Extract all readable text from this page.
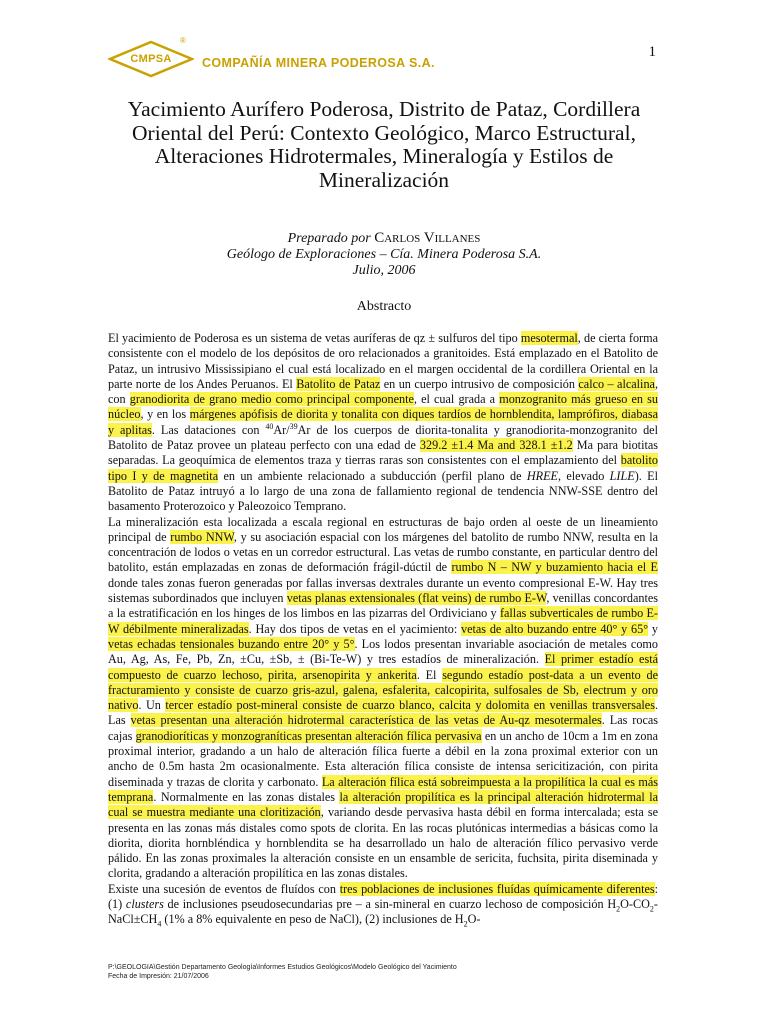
1
CMPSA
®
COMPAÑÍA MINERA PODEROSA S.A.
Yacimiento Aurífero Poderosa, Distrito de Pataz, Cordillera Oriental del Perú: Contexto Geológico, Marco Estructural, Alteraciones Hidrotermales, Mineralogía y Estilos de Mineralización
Preparado por Carlos Villanes
Geólogo de Exploraciones – Cía. Minera Poderosa S.A.
Julio, 2006
Abstracto

El yacimiento de Poderosa es un sistema de vetas auríferas de qz ± sulfuros del tipo mesotermal, de cierta forma consistente con el modelo de los depósitos de oro relacionados a granitoides. Está emplazado en el Batolito de Pataz, un intrusivo Mississipiano el cual está localizado en el margen occidental de la cordillera Oriental en la parte norte de los Andes Peruanos. El Batolito de Pataz en un cuerpo intrusivo de composición calco – alcalina, con granodiorita de grano medio como principal componente, el cual grada a monzogranito más grueso en su núcleo, y en los márgenes apófisis de diorita y tonalita con diques tardíos de hornblendita, lamprófiros, diabasa y aplitas. Las dataciones con $^{40}$Ar/$^{39}$Ar de los cuerpos de diorita-tonalita y granodiorita-monzogranito del Batolito de Pataz provee un plateau perfecto con una edad de 329.2 ±1.4 Ma and 328.1 ±1.2 Ma para biotitas separadas. La geoquímica de elementos traza y tierras raras son consistentes con el emplazamiento del batolito tipo I y de magnetita en un ambiente relacionado a subducción (perfil plano de HREE, elevado LILE). El Batolito de Pataz intruyó a lo largo de una zona de fallamiento regional de tendencia NNW-SSE dentro del basamento Proterozoico y Paleozoico Temprano.

La mineralización esta localizada a escala regional en estructuras de bajo orden al oeste de un lineamiento principal de rumbo NNW, y su asociación espacial con los márgenes del batolito de rumbo NNW, resulta en la concentración de lodos o vetas en un corredor estructural. Las vetas de rumbo constante, en particular dentro del batolito, están emplazadas en zonas de deformación frágil-dúctil de rumbo N – NW y buzamiento hacia el E donde tales zonas fueron generadas por fallas inversas dextrales durante un evento compresional E-W. Hay tres sistemas subordinados que incluyen vetas planas extensionales (flat veins) de rumbo E-W, venillas concordantes a la estratificación en los hinges de los limbos en las pizarras del Ordiviciano y fallas subverticales de rumbo E-W débilmente mineralizadas. Hay dos tipos de vetas en el yacimiento: vetas de alto buzando entre 40° y 65° y vetas echadas tensionales buzando entre 20° y 5°. Los lodos presentan invariable asociación de metales como Au, Ag, As, Fe, Pb, Zn, ±Cu, ±Sb, ± (Bi-Te-W) y tres estadíos de mineralización. El primer estadío está compuesto de cuarzo lechoso, pirita, arsenopirita y ankerita. El segundo estadío post-data a un evento de fracturamiento y consiste de cuarzo gris-azul, galena, esfalerita, calcopirita, sulfosales de Sb, electrum y oro nativo. Un tercer estadío post-mineral consiste de cuarzo blanco, calcita y dolomita en venillas transversales. Las vetas presentan una alteración hidrotermal característica de las vetas de Au-qz mesotermales. Las rocas cajas granodioríticas y monzograníticas presentan alteración fílica pervasiva en un ancho de 10cm a 1m en zona proximal interior, gradando a un halo de alteración fílica fuerte a débil en la zona proximal exterior con un ancho de 0.5m hasta 2m ocasionalmente. Esta alteración fílica consiste de intensa sericitización, con pirita diseminada y trazas de clorita y carbonato. La alteración fílica está sobreimpuesta a la propilítica la cual es más temprana. Normalmente en las zonas distales la alteración propilítica es la principal alteración hidrotermal la cual se muestra mediante una cloritización, variando desde pervasiva hasta débil en forma intercalada; esta se presenta en las zonas más distales como spots de clorita. En las rocas plutónicas intermedias a básicas como la diorita, diorita hornbléndica y hornblendita se ha desarrollado un halo de alteración fílico pervasivo verde pálido. En las zonas proximales la alteración consiste en un ensamble de sericita, fuchsita, pirita diseminada y clorita, gradando a alteración propilítica en las zonas distales.

Existe una sucesión de eventos de fluídos con tres poblaciones de inclusiones fluídas químicamente diferentes: (1) clusters de inclusiones pseudosecundarias pre – a sin-mineral en cuarzo lechoso de composición $H_2O-CO_2-NaCl\pm CH_4$ (1% a 8% equivalente en peso de NaCl), (2) inclusiones de $H_2O-$

P:\GEOLOGIA\Gestión Departamento Geología\Informes Estudios Geológicos\Modelo Geológico del Yacimiento
Fecha de Impresión: 21/07/2006
